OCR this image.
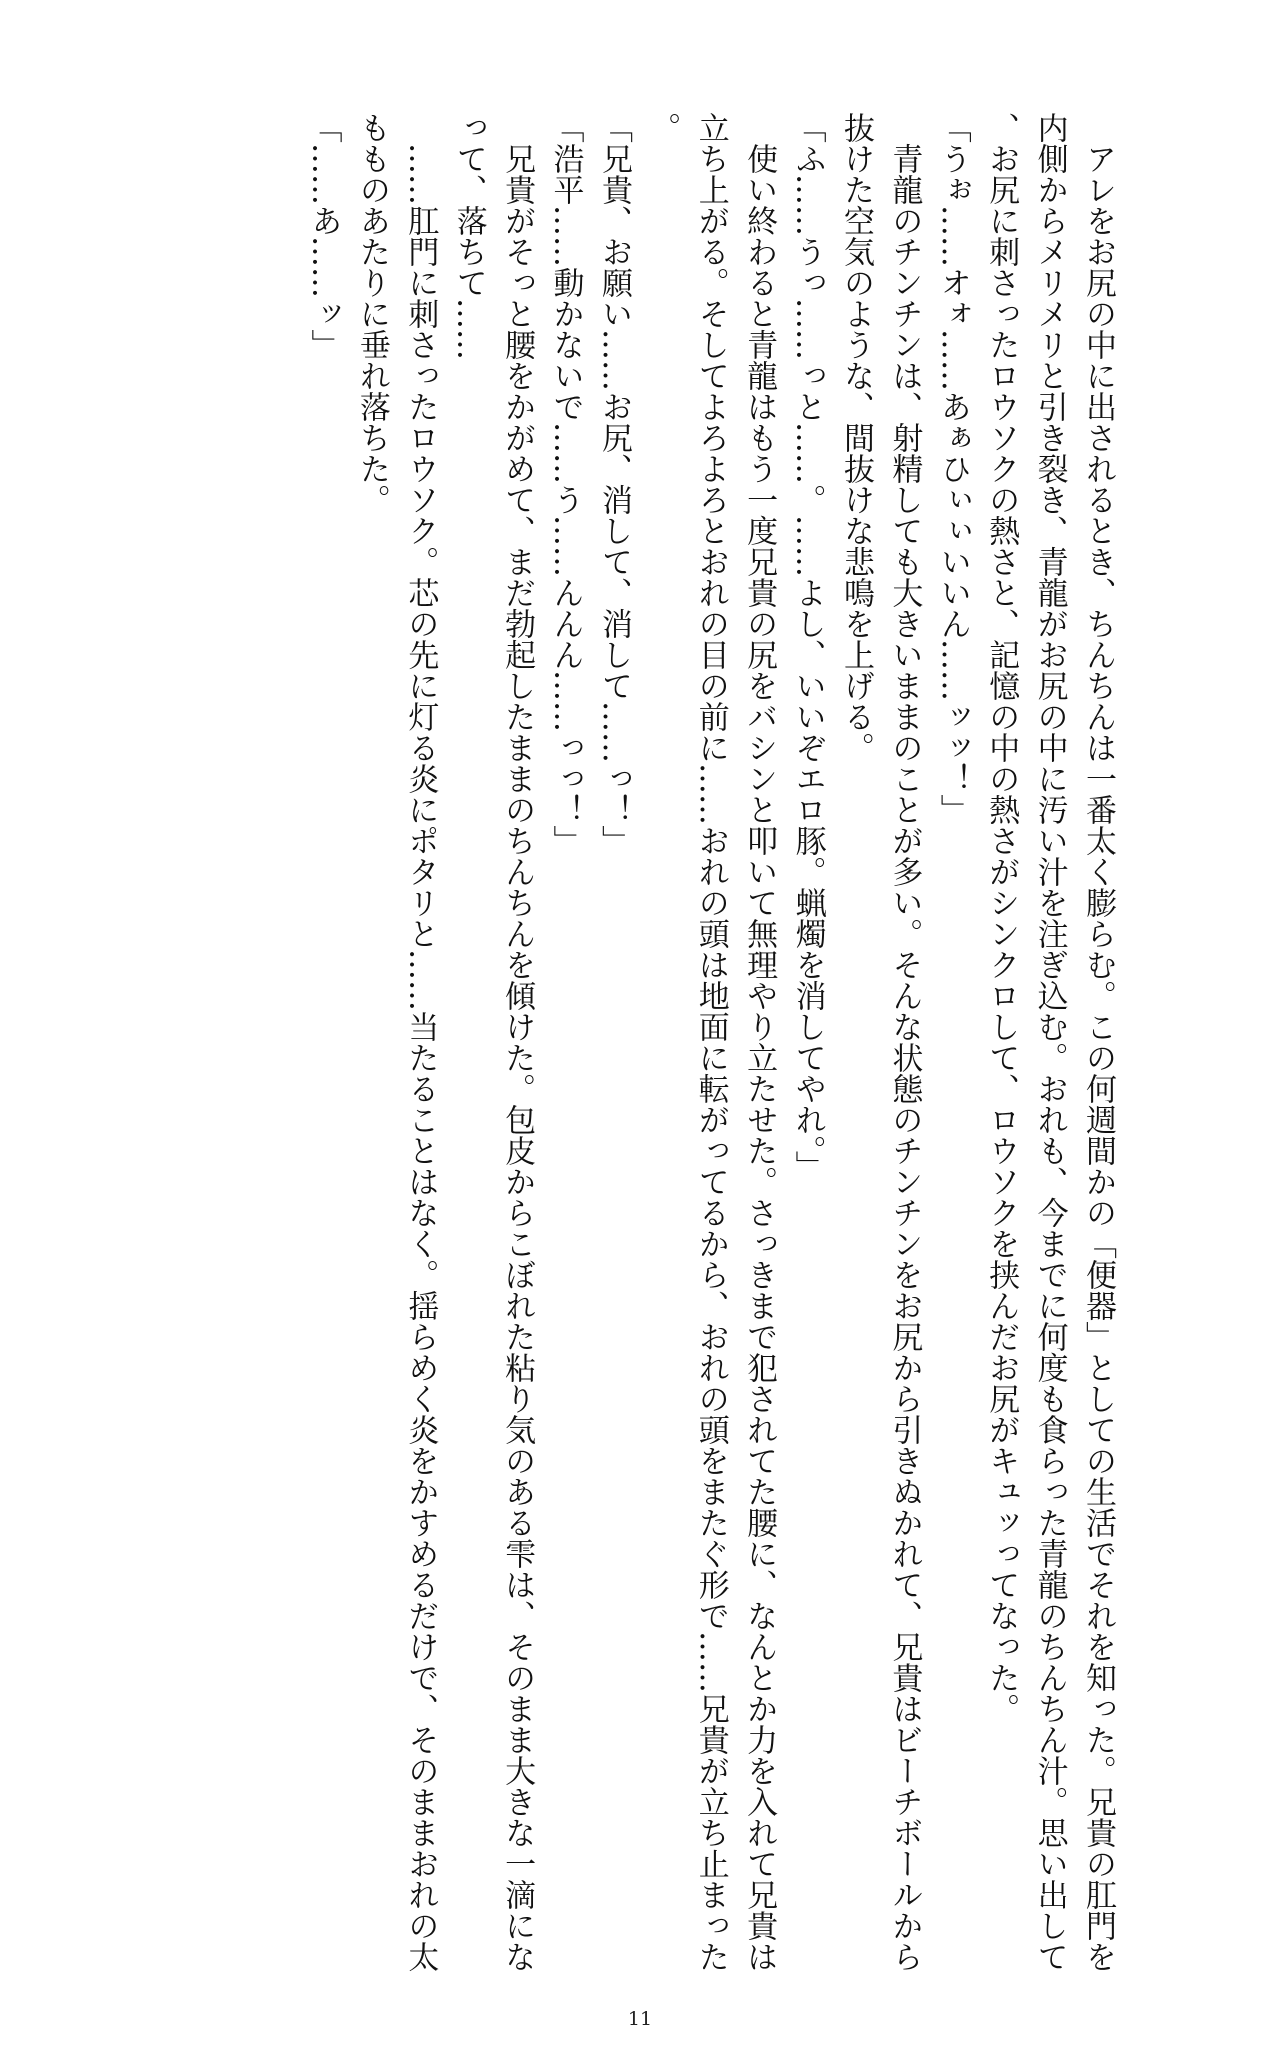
アレをお尻の中に出されるとき、ちんちんは一番太く膨らむ。この何週間かの「便器」としての生活でそれを知った。兄貴の肛門を内側からメリメリと引き裂き、青龍がお尻の中に汚い汁を注ぎ込む。おれも、今までに何度も食らった青龍のちんちん汁。思い出して、お尻に刺さったロウソクの熱さと、記憶の中の熱さがシンクロして、ロウソクを挟んだお尻がキュッってなった。

「うぉ……オォ……あぁひぃぃいいん……ッッ！」

青龍のチンチンは、射精しても大きいままのことが多い。そんな状態のチンチンをお尻から引きぬかれて、兄貴はビーチボールから抜けた空気のような、間抜けな悲鳴を上げる。

「ふ……うっ……っと……。……よし、いいぞエロ豚。蝋燭を消してやれ。」

使い終わると青龍はもう一度兄貴の尻をバシンと叩いて無理やり立たせた。さっきまで犯されてた腰に、なんとか力を入れて兄貴は立ち上がる。そしてよろよろとおれの目の前に……おれの頭は地面に転がってるから、おれの頭をまたぐ形で……兄貴が立ち止まった。

「兄貴、お願い……お尻、消して、消して……っ！」

「浩平……動かないで……う……んんん……っっ！」

兄貴がそっと腰をかがめて、まだ勃起したままのちんちんを傾けた。包皮からこぼれた粘り気のある雫は、そのまま大きな一滴になって、落ちて……

……肛門に刺さったロウソク。芯の先に灯る炎にポタリと……当たることはなく。揺らめく炎をかすめるだけで、そのままおれの太もものあたりに垂れ落ちた。

「……あ……ッ」

11
